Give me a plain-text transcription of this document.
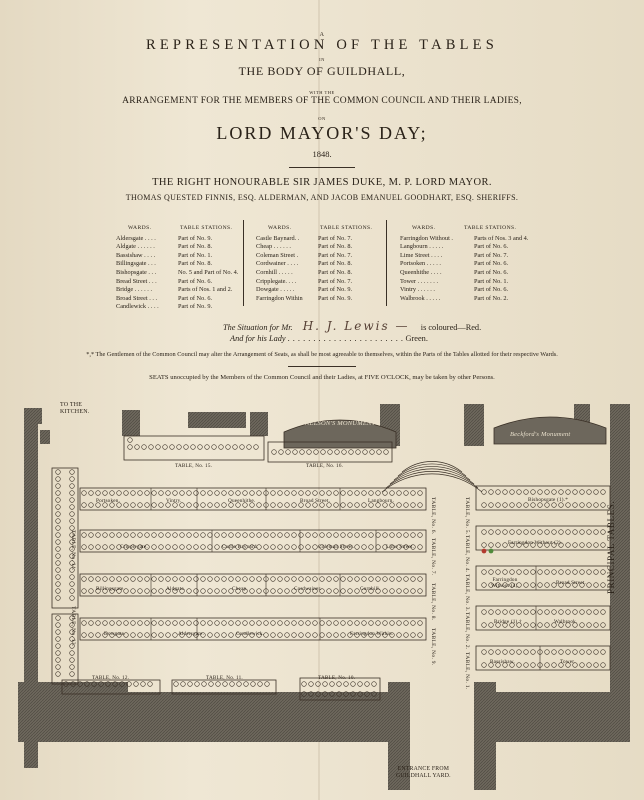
A
REPRESENTATION OF THE TABLES
IN
THE BODY OF GUILDHALL,
WITH THE
ARRANGEMENT FOR THE MEMBERS OF THE COMMON COUNCIL AND THEIR LADIES,
ON
LORD MAYOR'S DAY;
1848.
THE RIGHT HONOURABLE SIR JAMES DUKE, M. P. LORD MAYOR.
THOMAS QUESTED FINNIS, ESQ. ALDERMAN, AND JACOB EMANUEL GOODHART, ESQ. SHERIFFS.
WARDS.	TABLE STATIONS.
Aldersgate . . . .	Part of No. 9.
Aldgate . . . . . .	Part of No. 8.
Bassishaw . . . .	Part of No. 1.
Billingsgate . . .	Part of No. 8.
Bishopsgate . . .	No. 5 and Part of No. 4.
Bread Street . . .	Part of No. 6.
Bridge . . . . . .	Parts of Nos. 1 and 2.
Broad Street . . .	Part of No. 6.
Candlewick . . . .	Part of No. 9.
WARDS.	TABLE STATIONS.
Castle Baynard. .	Part of No. 7.
Cheap . . . . . .	Part of No. 8.
Coleman Street .	Part of No. 7.
Cordwainer . . . .	Part of No. 8.
Cornhill . . . . .	Part of No. 8.
Cripplegate. . . .	Part of No. 7.
Dowgate . . . . .	Part of No. 9.
Farringdon Within Part of No. 9.
WARDS.	TABLE STATIONS.
Farringdon Without .	Parts of Nos. 3 and 4.
Langbourn . . . . .	Part of No. 6.
Lime Street . . . .	Part of No. 7.
Portsoken . . . . .	Part of No. 6.
Queenhithe . . . .	Part of No. 6.
Tower . . . . . . .	Part of No. 1.
Vintry . . . . . .	Part of No. 6.
Walbrook . . . . .	Part of No. 2.
The Situation for Mr. H. J. Lewis — is coloured—Red.
And for his Lady . . . . . . . . . . . . . . . . . . . . . . . Green.
*,* The Gentlemen of the Common Council may alter the Arrangement of Seats, as shall be most agreeable to themselves, within the Parts of the Tables allotted for their respective Wards.
SEATS unoccupied by the Members of the Common Council and their Ladies, at FIVE O'CLOCK, may be taken by other Persons.
TO THE
KITCHEN.
NELSON'S MONUMENT
Beckford's Monument
PRINCIPAL TABLES.
ENTRANCE FROM
GUILDHALL YARD.
TABLE, No. 15.	TABLE, No. 16.
TABLE, No. 12.	TABLE, No. 11.	TABLE, No. 10.
TABLE, No. 14.
TABLE, No. 13.
TABLE, No. 6.
TABLE, No. 7.
TABLE, No. 8.
TABLE, No. 9.
TABLE, No. 5.
TABLE, No. 4.
TABLE, No. 3.
TABLE, No. 2.
TABLE, No. 1.
Portsoken.	Vintry.	Queenhithe.	Broad Street.	Langbourn.
Cripplegate.	Castle Baynard.	Coleman Street.	Lime Street.
Billingsgate.	Aldgate.	Cheap.	Cordwainer.	Cornhill.
Dowgate.	Aldersgate.	Candlewick.	Farringdon Within.
Bishopsgate (1).*
Farringdon Without (2).
Farringdon Without (4).	Broad Street.
Bridge (1).†	Walbrook.
Bassishaw.	Tower.
